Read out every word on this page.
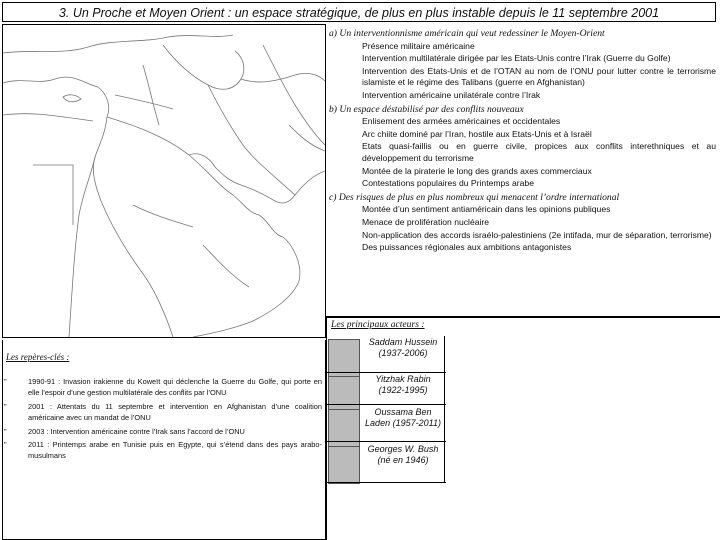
3. Un Proche et Moyen Orient : un espace stratégique, de plus en plus instable depuis le 11 septembre 2001
a) Un interventionnisme américain qui veut redessiner le Moyen-Orient
Présence militaire américaine
Intervention multilatérale dirigée par les Etats-Unis contre l’Irak (Guerre du Golfe)
Intervention des Etats-Unis et de l’OTAN au nom de l’ONU pour lutter contre le terrorisme islamiste et le régime des Talibans (guerre en Afghanistan)
Intervention américaine unilatérale contre l’Irak
b) Un espace déstabilisé par des conflits nouveaux
Enlisement des armées américaines et occidentales
Arc chiite dominé par l’Iran, hostile aux Etats-Unis et à Israël
Etats quasi-faillis ou en guerre civile, propices aux conflits interethniques et au développement du terrorisme
Montée de la piraterie le long des grands axes commerciaux
Contestations populaires du Printemps arabe
c) Des risques de plus en plus nombreux qui menacent l’ordre international
Montée d’un sentiment antiaméricain dans les opinions publiques
Menace de prolifération nucléaire
Non-application des accords israélo-palestiniens (2e intifada, mur de séparation, terrorisme)
Des puissances régionales aux ambitions antagonistes
Les principaux acteurs :
Saddam Hussein (1937-2006)
Yitzhak Rabin (1922-1995)
Oussama Ben Laden (1957-2011)
Georges W. Bush (né en 1946)
Les repères-clés :
"	1990-91 : Invasion irakienne du Koweït qui déclenche la Guerre du Golfe, qui porte en elle l’espoir d’une gestion multilatérale des conflits par l’ONU
"	2001 : Attentats du 11 septembre et intervention en Afghanistan d’une coalition américaine avec un mandat de l’ONU
"	2003 : Intervention américaine contre l’Irak sans l’accord de l’ONU
"	2011 : Printemps arabe en Tunisie puis en Egypte, qui s’étend dans des pays arabo-musulmans
